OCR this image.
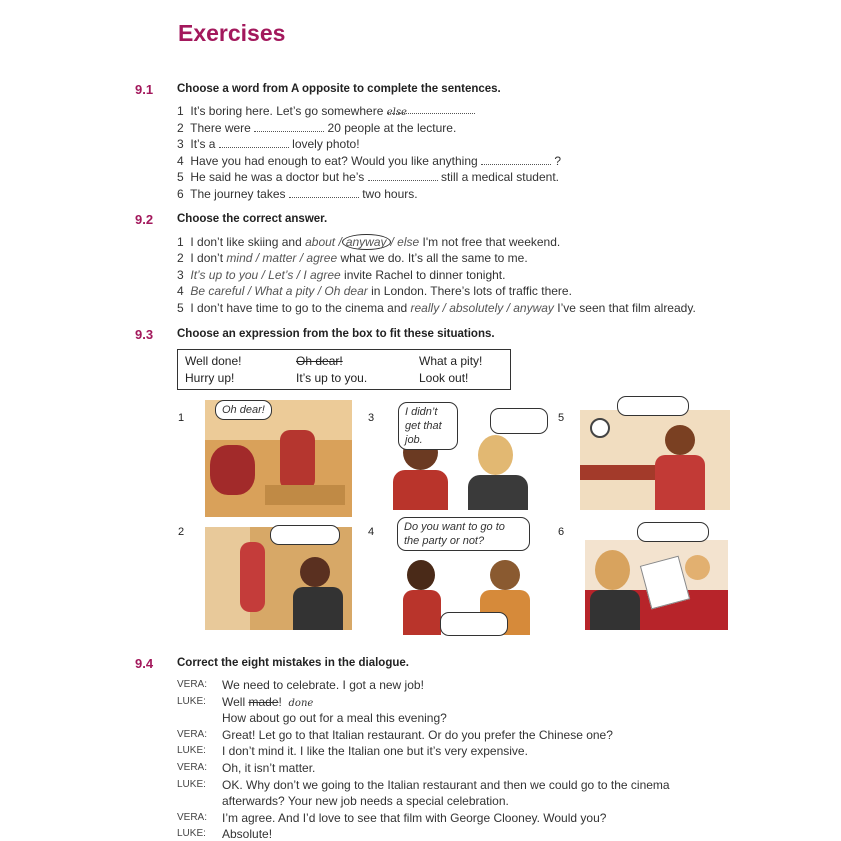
Exercises
9.1 Choose a word from A opposite to complete the sentences.
1 It’s boring here. Let’s go somewhere else
2 There were	20 people at the lecture.
3 It’s a	lovely photo!
4 Have you had enough to eat? Would you like anything	?
5 He said he was a doctor but he’s	still a medical student.
6 The journey takes	two hours.
9.2 Choose the correct answer.
1 I don’t like skiing and about / anyway / else I'm not free that weekend.
2 I don’t mind / matter / agree what we do. It’s all the same to me.
3 It’s up to you / Let’s / I agree invite Rachel to dinner tonight.
4 Be careful / What a pity / Oh dear in London. There’s lots of traffic there.
5 I don’t have time to go to the cinema and really / absolutely / anyway I’ve seen that film already.
9.3 Choose an expression from the box to fit these situations.
Well done!	Oh dear!	What a pity!
Hurry up!	It’s up to you.	Look out!
1
Oh dear!
3	I didn’t get that job.
5
2	4	Do you want to go to the party or not?
6
9.4 Correct the eight mistakes in the dialogue.
VERA: We need to celebrate. I got a new job!
LUKE: Well made! done
How about go out for a meal this evening?
VERA: Great! Let go to that Italian restaurant. Or do you prefer the Chinese one?
LUKE: I don’t mind it. I like the Italian one but it’s very expensive.
VERA: Oh, it isn’t matter.
LUKE: OK. Why don’t we going to the Italian restaurant and then we could go to the cinema
afterwards? Your new job needs a special celebration.
VERA: I’m agree. And I’d love to see that film with George Clooney. Would you?
LUKE: Absolute!
